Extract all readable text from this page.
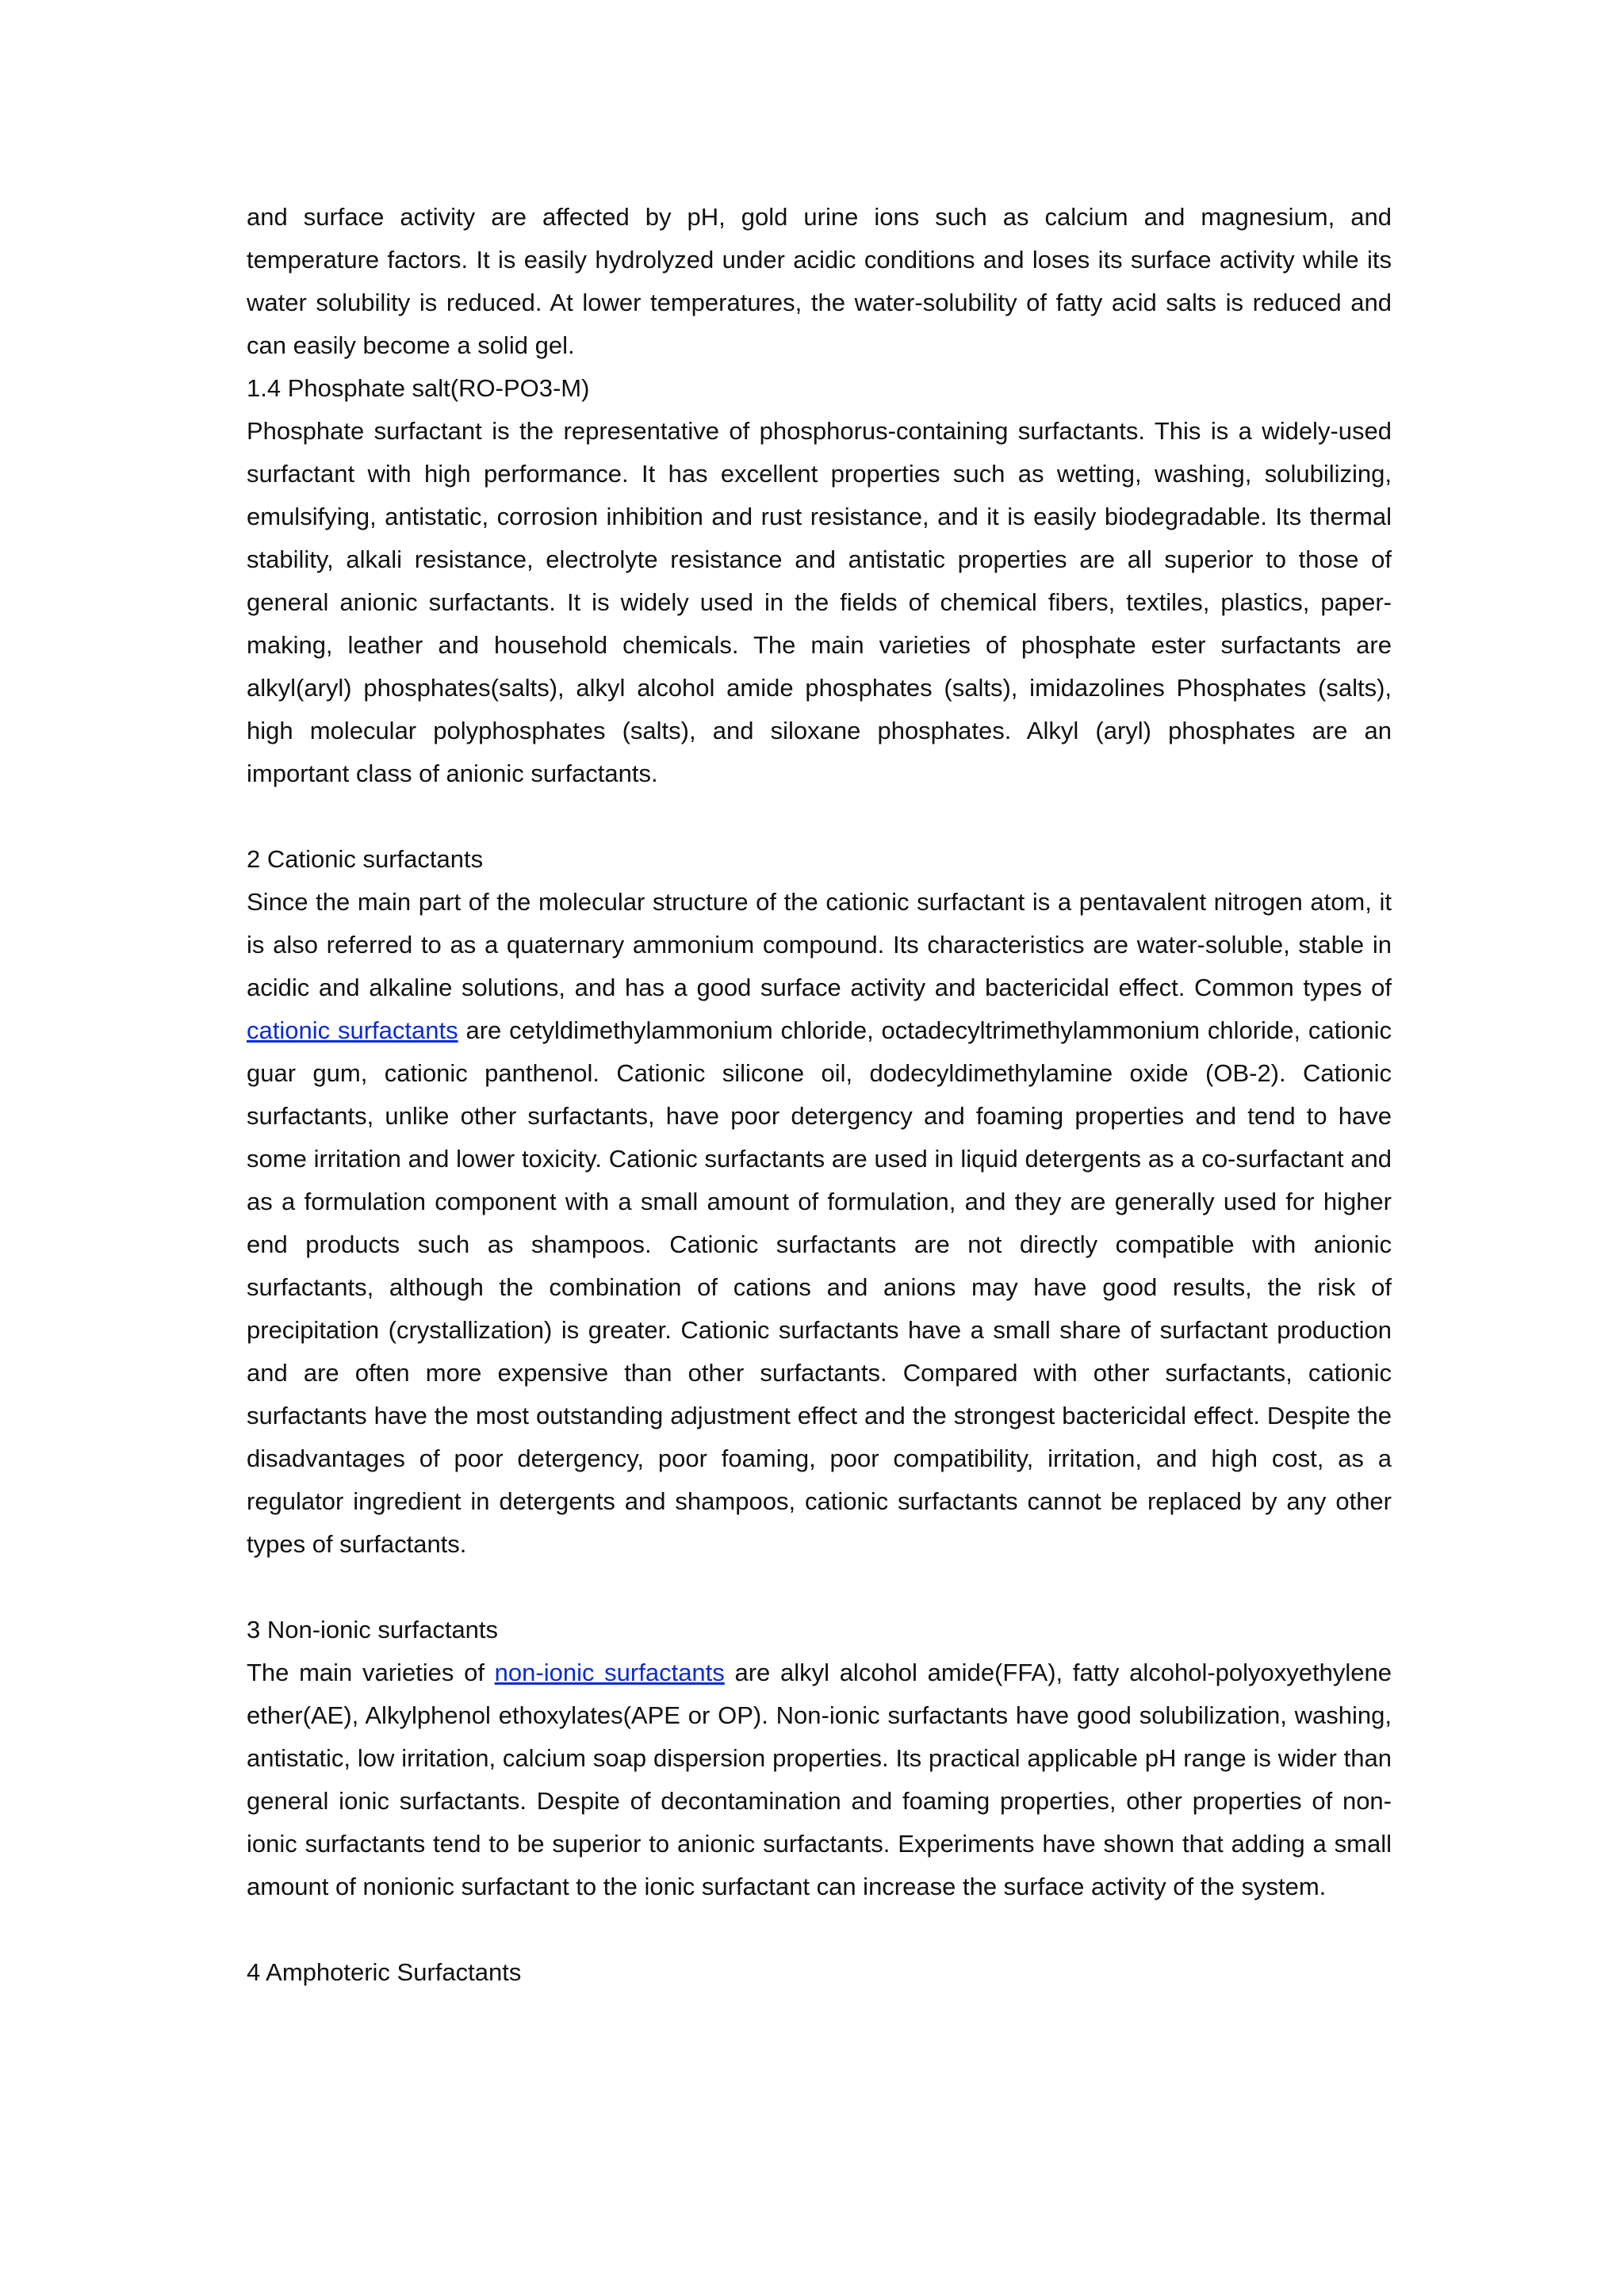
and surface activity are affected by pH, gold urine ions such as calcium and magnesium, and temperature factors. It is easily hydrolyzed under acidic conditions and loses its surface activity while its water solubility is reduced. At lower temperatures, the water-solubility of fatty acid salts is reduced and can easily become a solid gel.

1.4 Phosphate salt(RO-PO3-M)

Phosphate surfactant is the representative of phosphorus-containing surfactants. This is a widely-used surfactant with high performance. It has excellent properties such as wetting, washing, solubilizing, emulsifying, antistatic, corrosion inhibition and rust resistance, and it is easily biodegradable. Its thermal stability, alkali resistance, electrolyte resistance and antistatic properties are all superior to those of general anionic surfactants. It is widely used in the fields of chemical fibers, textiles, plastics, paper-making, leather and household chemicals. The main varieties of phosphate ester surfactants are alkyl(aryl) phosphates(salts), alkyl alcohol amide phosphates (salts), imidazolines Phosphates (salts), high molecular polyphosphates (salts), and siloxane phosphates. Alkyl (aryl) phosphates are an important class of anionic surfactants.

2 Cationic surfactants

Since the main part of the molecular structure of the cationic surfactant is a pentavalent nitrogen atom, it is also referred to as a quaternary ammonium compound. Its characteristics are water-soluble, stable in acidic and alkaline solutions, and has a good surface activity and bactericidal effect. Common types of cationic surfactants are cetyldimethylammonium chloride, octadecyltrimethylammonium chloride, cationic guar gum, cationic panthenol. Cationic silicone oil, dodecyldimethylamine oxide (OB-2). Cationic surfactants, unlike other surfactants, have poor detergency and foaming properties and tend to have some irritation and lower toxicity. Cationic surfactants are used in liquid detergents as a co-surfactant and as a formulation component with a small amount of formulation, and they are generally used for higher end products such as shampoos. Cationic surfactants are not directly compatible with anionic surfactants, although the combination of cations and anions may have good results, the risk of precipitation (crystallization) is greater. Cationic surfactants have a small share of surfactant production and are often more expensive than other surfactants. Compared with other surfactants, cationic surfactants have the most outstanding adjustment effect and the strongest bactericidal effect. Despite the disadvantages of poor detergency, poor foaming, poor compatibility, irritation, and high cost, as a regulator ingredient in detergents and shampoos, cationic surfactants cannot be replaced by any other types of surfactants.

3 Non-ionic surfactants

The main varieties of non-ionic surfactants are alkyl alcohol amide(FFA), fatty alcohol-polyoxyethylene ether(AE), Alkylphenol ethoxylates(APE or OP). Non-ionic surfactants have good solubilization, washing, antistatic, low irritation, calcium soap dispersion properties. Its practical applicable pH range is wider than general ionic surfactants. Despite of decontamination and foaming properties, other properties of non-ionic surfactants tend to be superior to anionic surfactants. Experiments have shown that adding a small amount of nonionic surfactant to the ionic surfactant can increase the surface activity of the system.

4 Amphoteric Surfactants
